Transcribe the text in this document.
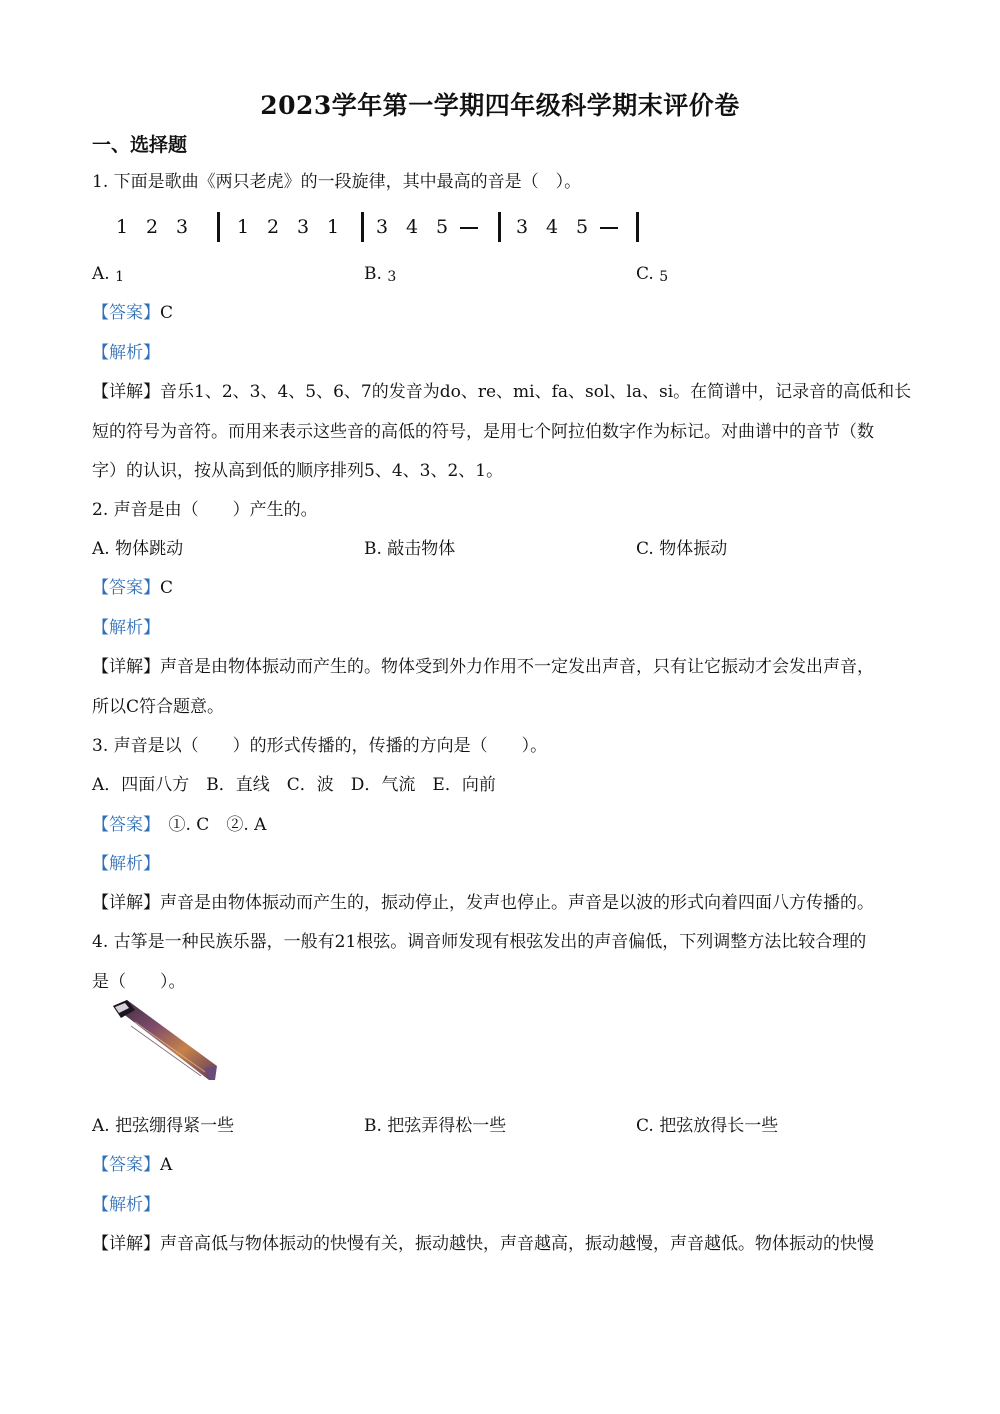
2023学年第一学期四年级科学期末评价卷
一、选择题
1. 下面是歌曲《两只老虎》的一段旋律，其中最高的音是（　）。
1 2 3	1 2 3 1 3 4 5	3 4 5
A. 1	B. 3	C. 5
【答案】C
【解析】
【详解】音乐1、2、3、4、5、6、7的发音为do、re、mi、fa、sol、la、si。在简谱中，记录音的高低和长
短的符号为音符。而用来表示这些音的高低的符号，是用七个阿拉伯数字作为标记。对曲谱中的音节（数
字）的认识，按从高到低的顺序排列5、4、3、2、1。
2. 声音是由（　　）产生的。
A. 物体跳动	B. 敲击物体	C. 物体振动
【答案】C
【解析】
【详解】声音是由物体振动而产生的。物体受到外力作用不一定发出声音，只有让它振动才会发出声音，
所以C符合题意。
3. 声音是以（　　）的形式传播的，传播的方向是（　　）。
A．四面八方　B．直线　C．波　D．气流　E．向前
【答案】　①. C　②. A
【解析】
【详解】声音是由物体振动而产生的，振动停止，发声也停止。声音是以波的形式向着四面八方传播的。
4. 古筝是一种民族乐器，一般有21根弦。调音师发现有根弦发出的声音偏低，下列调整方法比较合理的
是（　　）。
A. 把弦绷得紧一些	B. 把弦弄得松一些	C. 把弦放得长一些
【答案】A
【解析】
【详解】声音高低与物体振动的快慢有关，振动越快，声音越高，振动越慢，声音越低。物体振动的快慢
